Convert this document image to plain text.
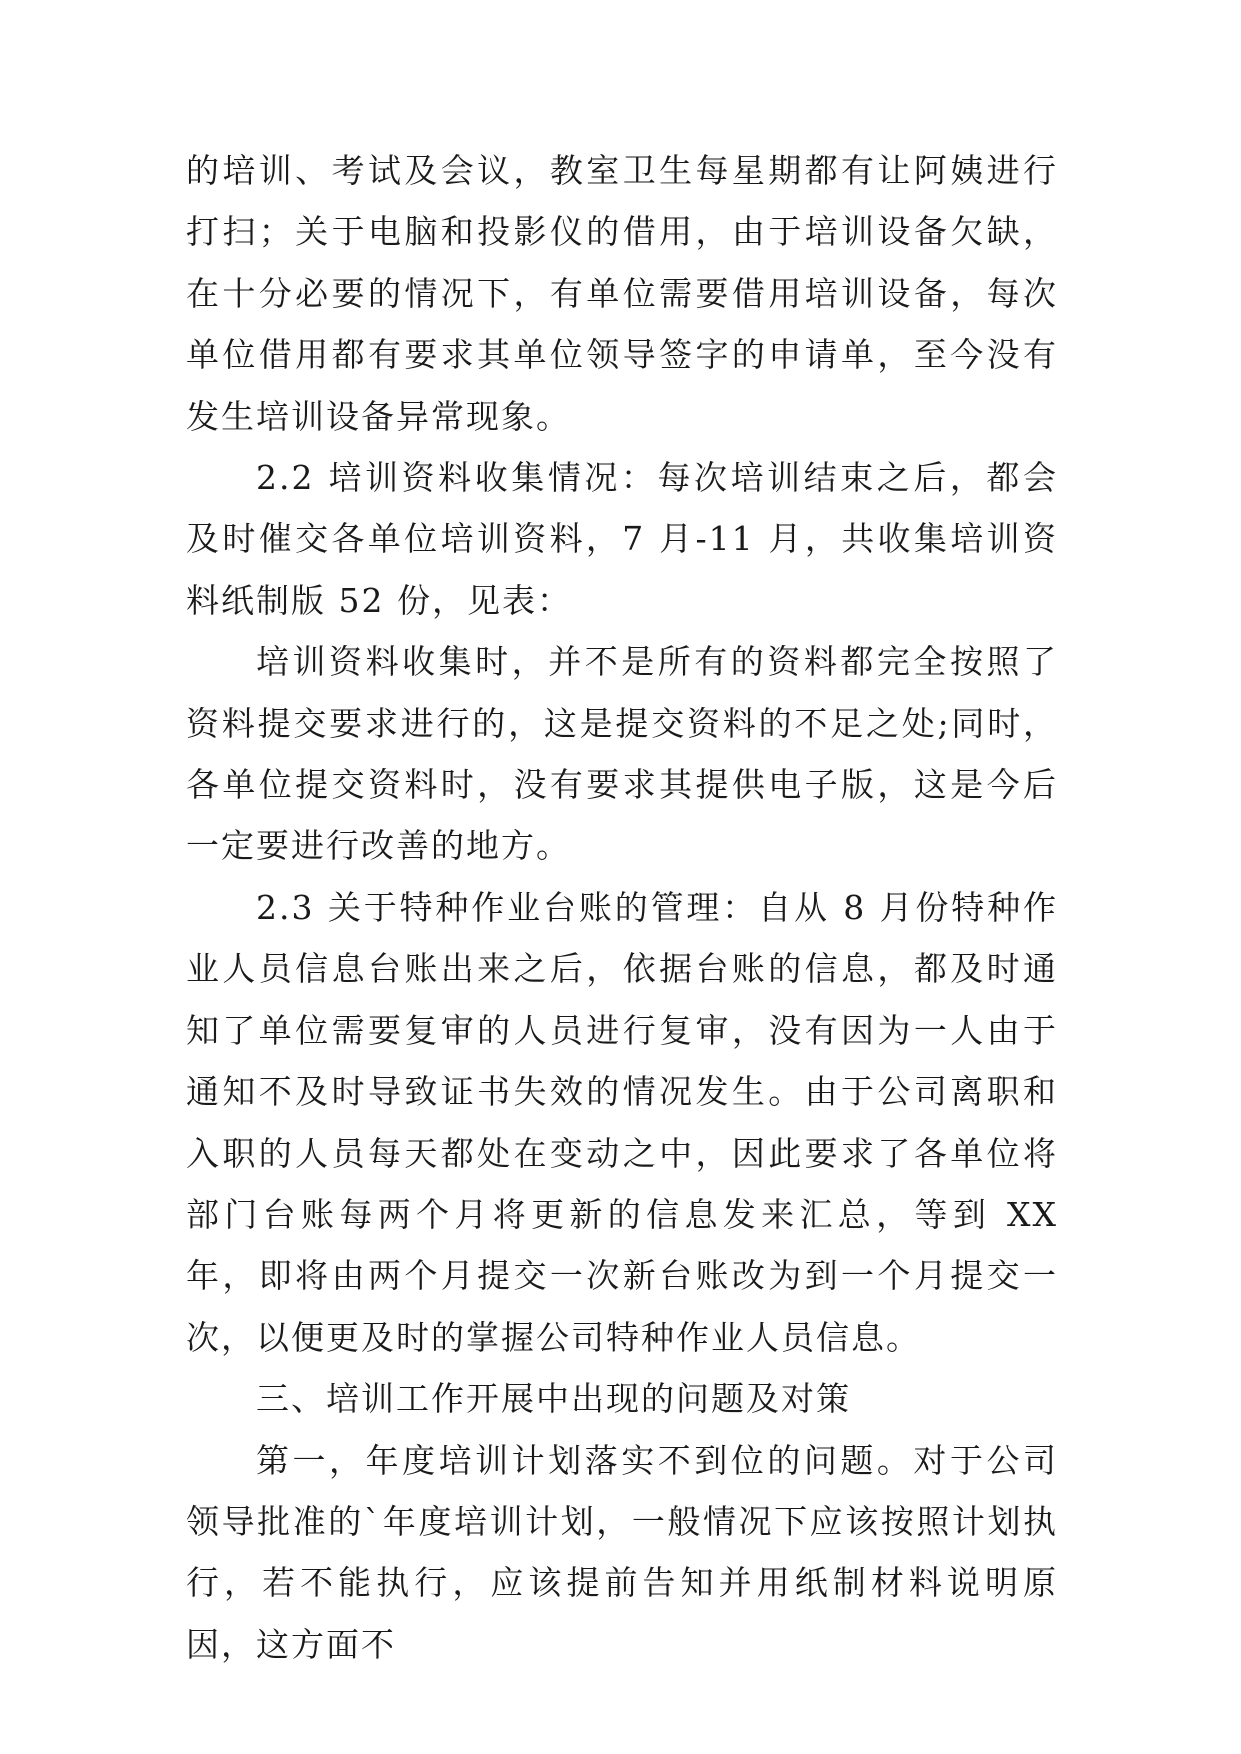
的培训、考试及会议，教室卫生每星期都有让阿姨进行打扫；关于电脑和投影仪的借用，由于培训设备欠缺，在十分必要的情况下，有单位需要借用培训设备，每次单位借用都有要求其单位领导签字的申请单，至今没有发生培训设备异常现象。

2.2 培训资料收集情况：每次培训结束之后，都会及时催交各单位培训资料，7 月-11 月，共收集培训资料纸制版 52 份，见表：

培训资料收集时，并不是所有的资料都完全按照了资料提交要求进行的，这是提交资料的不足之处;同时，各单位提交资料时，没有要求其提供电子版，这是今后一定要进行改善的地方。

2.3 关于特种作业台账的管理：自从 8 月份特种作业人员信息台账出来之后，依据台账的信息，都及时通知了单位需要复审的人员进行复审，没有因为一人由于通知不及时导致证书失效的情况发生。由于公司离职和入职的人员每天都处在变动之中，因此要求了各单位将部门台账每两个月将更新的信息发来汇总，等到 XX 年，即将由两个月提交一次新台账改为到一个月提交一次，以便更及时的掌握公司特种作业人员信息。

三、培训工作开展中出现的问题及对策

第一，年度培训计划落实不到位的问题。对于公司领导批准的`年度培训计划，一般情况下应该按照计划执行，若不能执行，应该提前告知并用纸制材料说明原因，这方面不
